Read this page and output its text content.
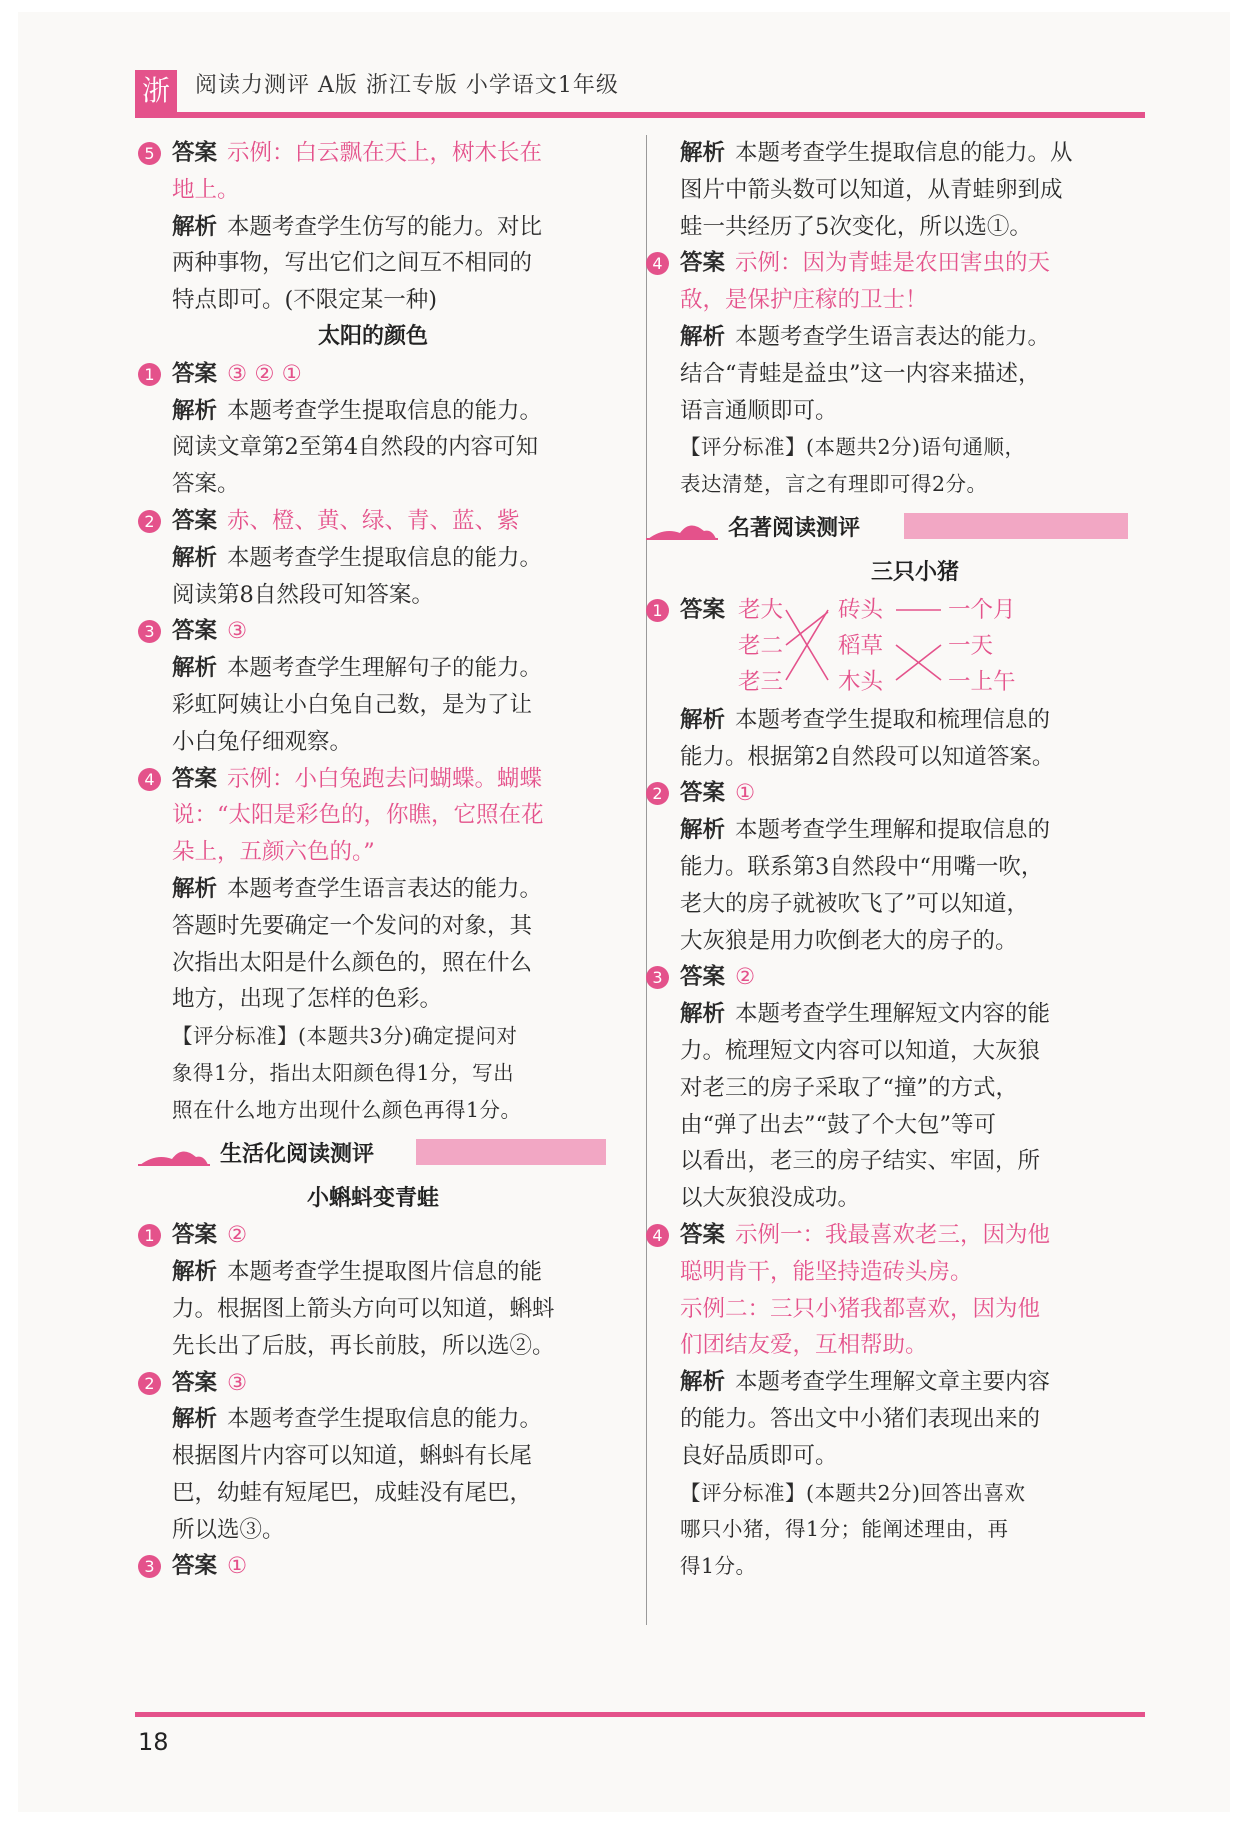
浙	阅读力测评 A版 浙江专版 小学语文1年级
5 答案 示例：白云飘在天上，树木长在
地上。
解析 本题考查学生仿写的能力。对比
两种事物，写出它们之间互不相同的
特点即可。(不限定某一种)
太阳的颜色
1 答案 ③ ② ①
解析 本题考查学生提取信息的能力。
阅读文章第2至第4自然段的内容可知
答案。
2 答案 赤、橙、黄、绿、青、蓝、紫
解析 本题考查学生提取信息的能力。
阅读第8自然段可知答案。
3 答案 ③
解析 本题考查学生理解句子的能力。
彩虹阿姨让小白兔自己数，是为了让
小白兔仔细观察。
4 答案 示例：小白兔跑去问蝴蝶。蝴蝶
说：“太阳是彩色的，你瞧，它照在花
朵上，五颜六色的。”
解析 本题考查学生语言表达的能力。
答题时先要确定一个发问的对象，其
次指出太阳是什么颜色的，照在什么
地方，出现了怎样的色彩。
【评分标准】(本题共3分)确定提问对
象得1分，指出太阳颜色得1分，写出
照在什么地方出现什么颜色再得1分。
生活化阅读测评
小蝌蚪变青蛙
1 答案 ②
解析 本题考查学生提取图片信息的能
力。根据图上箭头方向可以知道，蝌蚪
先长出了后肢，再长前肢，所以选②。
2 答案 ③
解析 本题考查学生提取信息的能力。
根据图片内容可以知道，蝌蚪有长尾
巴，幼蛙有短尾巴，成蛙没有尾巴，
所以选③。
3 答案 ①
解析 本题考查学生提取信息的能力。从
图片中箭头数可以知道，从青蛙卵到成
蛙一共经历了5次变化，所以选①。
4 答案 示例：因为青蛙是农田害虫的天
敌，是保护庄稼的卫士！
解析 本题考查学生语言表达的能力。
结合“青蛙是益虫”这一内容来描述，
语言通顺即可。
【评分标准】(本题共2分)语句通顺，
表达清楚，言之有理即可得2分。
名著阅读测评
三只小猪
1 答案 老大
老二
老三
砖头
稻草
木头
一个月
一天
一上午
解析 本题考查学生提取和梳理信息的
能力。根据第2自然段可以知道答案。
2 答案 ①
解析 本题考查学生理解和提取信息的
能力。联系第3自然段中“用嘴一吹，
老大的房子就被吹飞了”可以知道，
大灰狼是用力吹倒老大的房子的。
3 答案 ②
解析 本题考查学生理解短文内容的能
力。梳理短文内容可以知道，大灰狼
对老三的房子采取了“撞”的方式，
由“弹了出去”“鼓了个大包”等可
以看出，老三的房子结实、牢固，所
以大灰狼没成功。
4 答案 示例一：我最喜欢老三，因为他
聪明肯干，能坚持造砖头房。
示例二：三只小猪我都喜欢，因为他
们团结友爱，互相帮助。
解析 本题考查学生理解文章主要内容
的能力。答出文中小猪们表现出来的
良好品质即可。
【评分标准】(本题共2分)回答出喜欢
哪只小猪，得1分；能阐述理由，再
得1分。
18
